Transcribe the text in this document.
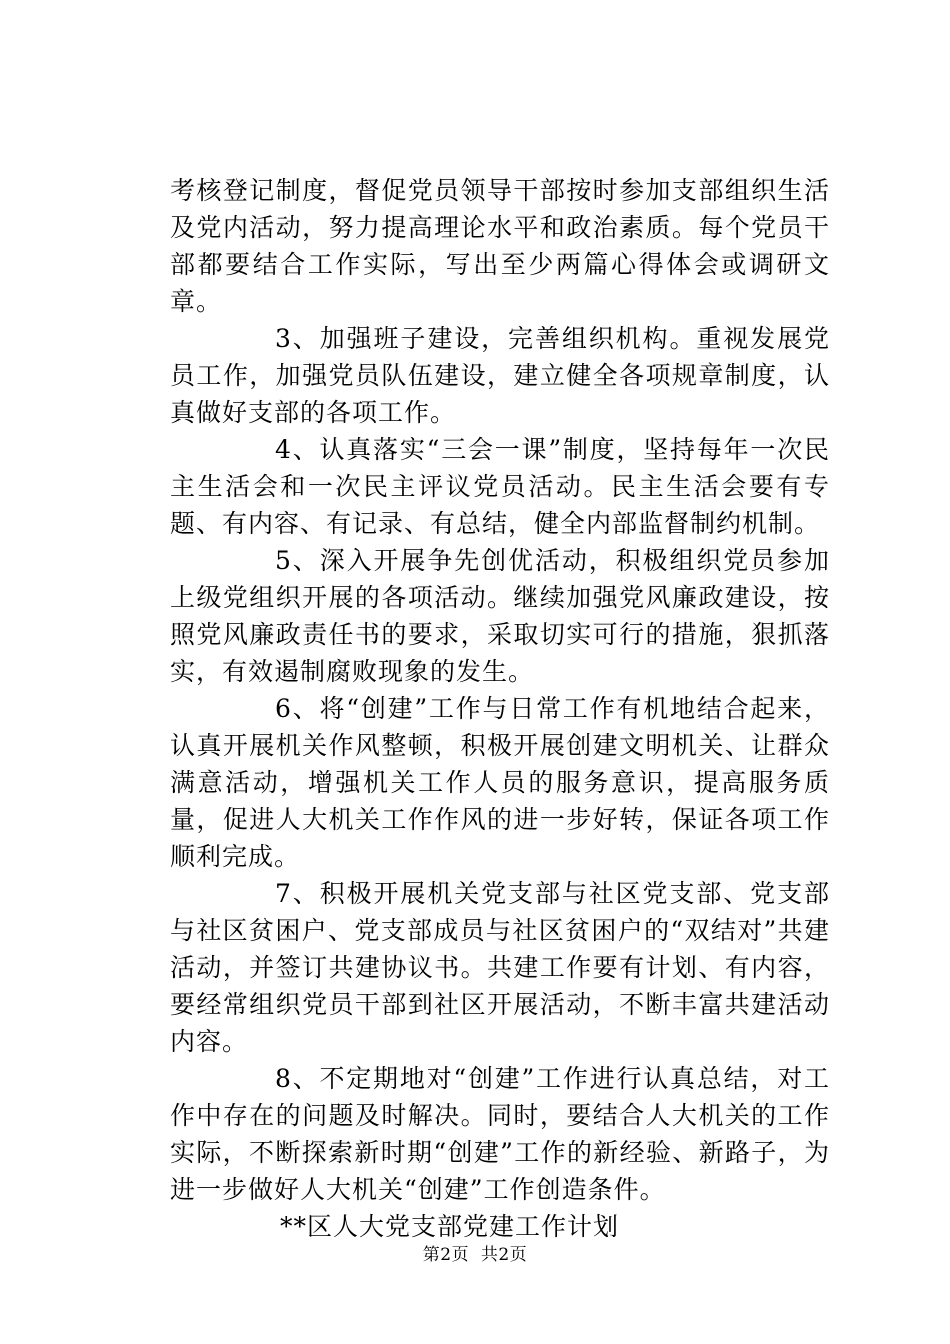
考核登记制度，督促党员领导干部按时参加支部组织生活及党内活动，努力提高理论水平和政治素质。每个党员干部都要结合工作实际，写出至少两篇心得体会或调研文章。

3、加强班子建设，完善组织机构。重视发展党员工作，加强党员队伍建设，建立健全各项规章制度，认真做好支部的各项工作。

4、认真落实“三会一课”制度，坚持每年一次民主生活会和一次民主评议党员活动。民主生活会要有专题、有内容、有记录、有总结，健全内部监督制约机制。

5、深入开展争先创优活动，积极组织党员参加上级党组织开展的各项活动。继续加强党风廉政建设，按照党风廉政责任书的要求，采取切实可行的措施，狠抓落实，有效遏制腐败现象的发生。

6、将“创建”工作与日常工作有机地结合起来，认真开展机关作风整顿，积极开展创建文明机关、让群众满意活动，增强机关工作人员的服务意识，提高服务质量，促进人大机关工作作风的进一步好转，保证各项工作顺利完成。

7、积极开展机关党支部与社区党支部、党支部与社区贫困户、党支部成员与社区贫困户的“双结对”共建活动，并签订共建协议书。共建工作要有计划、有内容，要经常组织党员干部到社区开展活动，不断丰富共建活动内容。

8、不定期地对“创建”工作进行认真总结，对工作中存在的问题及时解决。同时，要结合人大机关的工作实际，不断探索新时期“创建”工作的新经验、新路子，为进一步做好人大机关“创建”工作创造条件。

**区人大党支部党建工作计划

第2页  共2页
